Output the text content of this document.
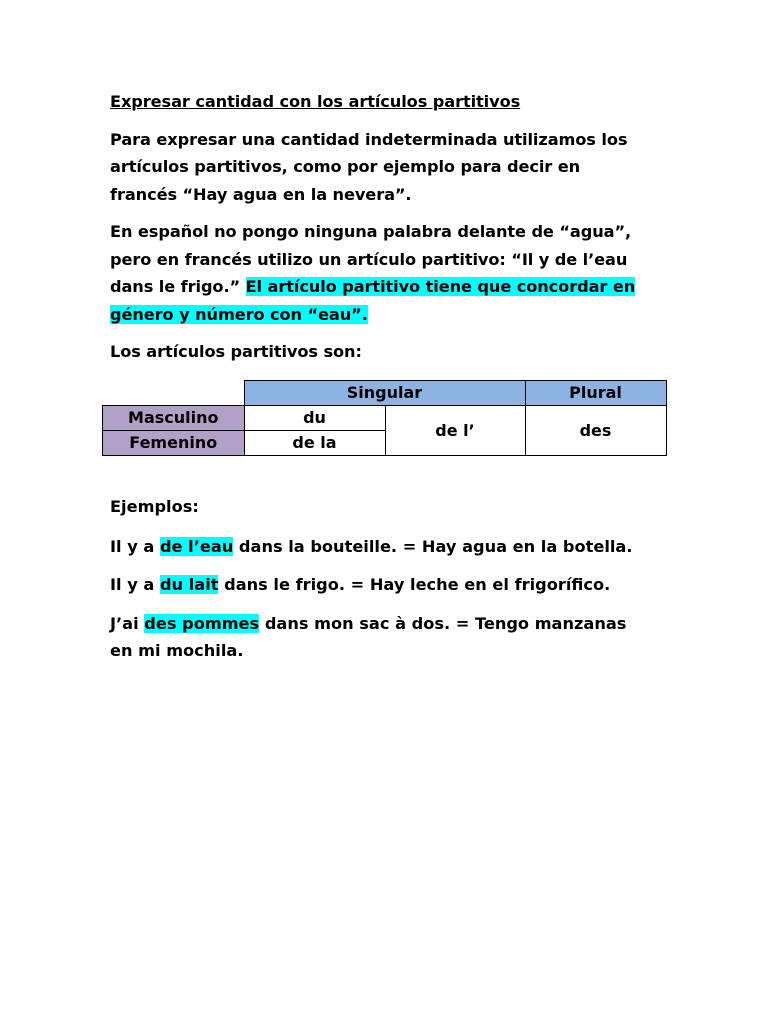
Expresar cantidad con los artículos partitivos
Para expresar una cantidad indeterminada utilizamos los artículos partitivos, como por ejemplo para decir en francés “Hay agua en la nevera”.
En español no pongo ninguna palabra delante de “agua”, pero en francés utilizo un artículo partitivo: “Il y de l’eau dans le frigo.” El artículo partitivo tiene que concordar en género y número con “eau”.
Los artículos partitivos son:
	Singular		Plural
Masculino	du	de l’	des
Femenino	de la		
Ejemplos:
Il y a de l’eau dans la bouteille. = Hay agua en la botella.
Il y a du lait dans le frigo. = Hay leche en el frigorífico.
J’ai des pommes dans mon sac à dos. = Tengo manzanas en mi mochila.
